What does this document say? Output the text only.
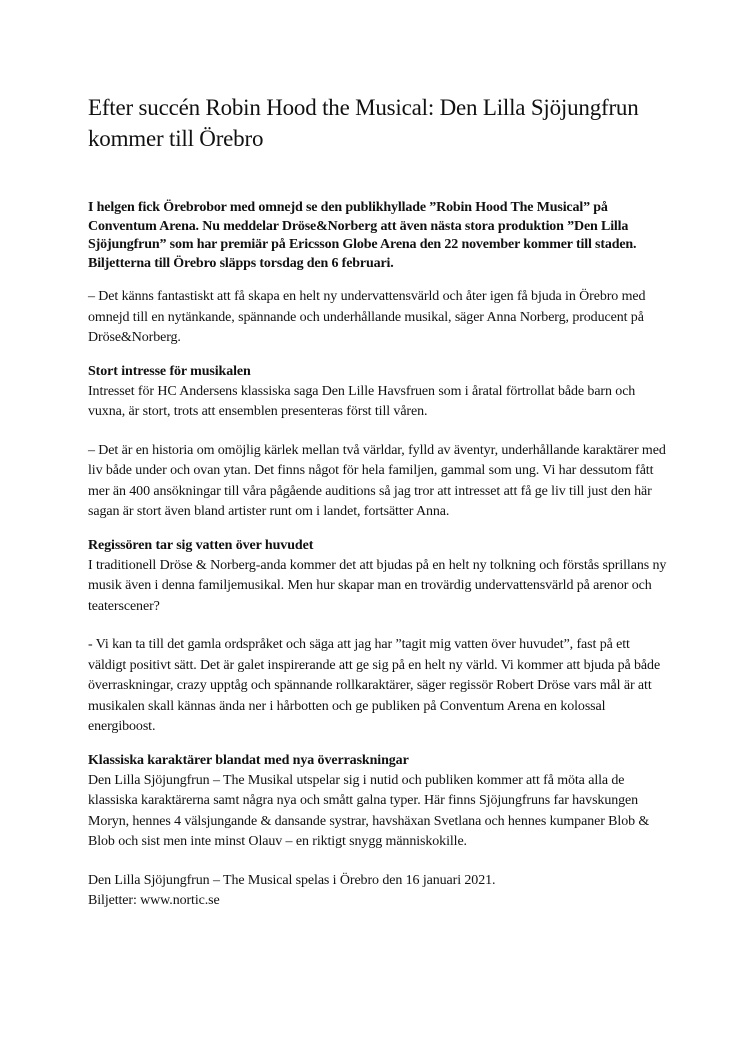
Efter succén Robin Hood the Musical: Den Lilla Sjöjungfrun kommer till Örebro

I helgen fick Örebrobor med omnejd se den publikhyllade ”Robin Hood The Musical” på Conventum Arena. Nu meddelar Dröse&Norberg att även nästa stora produktion ”Den Lilla Sjöjungfrun” som har premiär på Ericsson Globe Arena den 22 november kommer till staden. Biljetterna till Örebro släpps torsdag den 6 februari.

– Det känns fantastiskt att få skapa en helt ny undervattensvärld och åter igen få bjuda in Örebro med omnejd till en nytänkande, spännande och underhållande musikal, säger Anna Norberg, producent på Dröse&Norberg.

Stort intresse för musikalen

Intresset för HC Andersens klassiska saga Den Lille Havsfruen som i åratal förtrollat både barn och vuxna, är stort, trots att ensemblen presenteras först till våren.

– Det är en historia om omöjlig kärlek mellan två världar, fylld av äventyr, underhållande karaktärer med liv både under och ovan ytan. Det finns något för hela familjen, gammal som ung. Vi har dessutom fått mer än 400 ansökningar till våra pågående auditions så jag tror att intresset att få ge liv till just den här sagan är stort även bland artister runt om i landet, fortsätter Anna.

Regissören tar sig vatten över huvudet

I traditionell Dröse & Norberg-anda kommer det att bjudas på en helt ny tolkning och förstås sprillans ny musik även i denna familjemusikal. Men hur skapar man en trovärdig undervattensvärld på arenor och teaterscener?

- Vi kan ta till det gamla ordspråket och säga att jag har ”tagit mig vatten över huvudet”, fast på ett väldigt positivt sätt. Det är galet inspirerande att ge sig på en helt ny värld. Vi kommer att bjuda på både överraskningar, crazy upptåg och spännande rollkaraktärer, säger regissör Robert Dröse vars mål är att musikalen skall kännas ända ner i hårbotten och ge publiken på Conventum Arena en kolossal energiboost.

Klassiska karaktärer blandat med nya överraskningar

Den Lilla Sjöjungfrun – The Musikal utspelar sig i nutid och publiken kommer att få möta alla de klassiska karaktärerna samt några nya och smått galna typer. Här finns Sjöjungfruns far havskungen Moryn, hennes 4 välsjungande & dansande systrar, havshäxan Svetlana och hennes kumpaner Blob & Blob och sist men inte minst Olauv – en riktigt snygg människokille.

Den Lilla Sjöjungfrun – The Musical spelas i Örebro den 16 januari 2021.

Biljetter: www.nortic.se
